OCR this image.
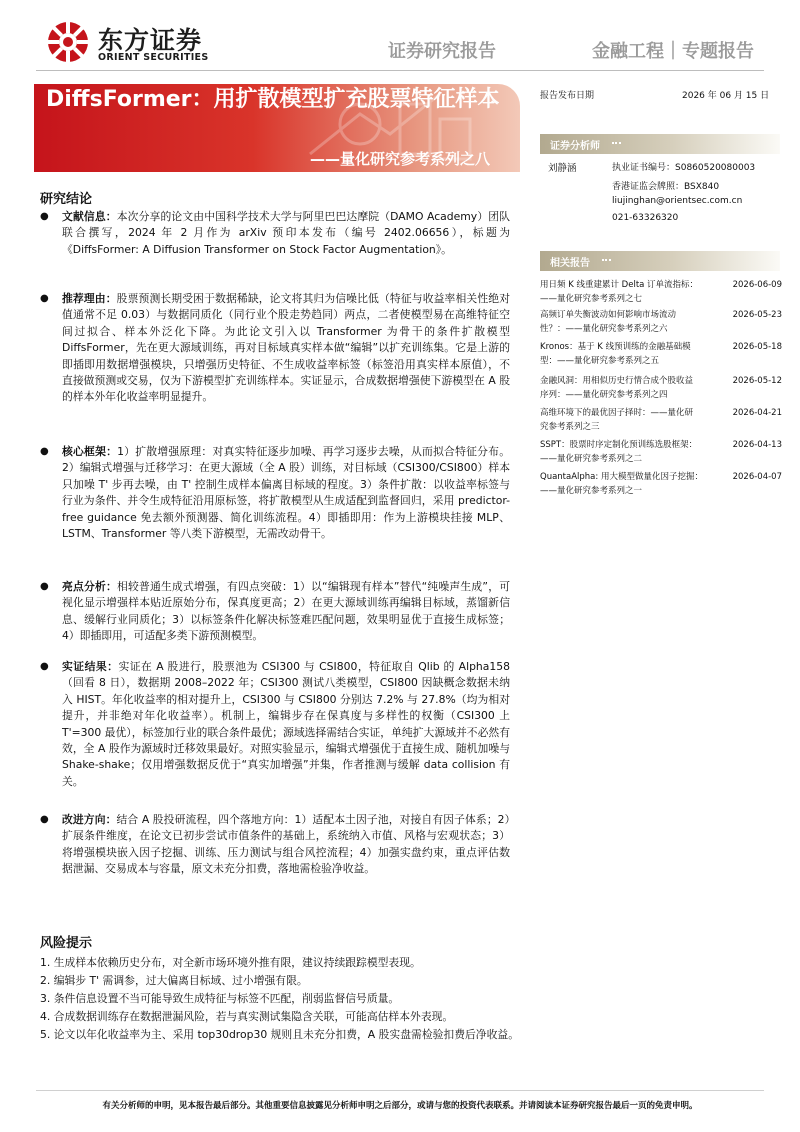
东方证券
ORIENT SECURITIES	证券研究报告	金融工程｜专题报告
DiffsFormer：用扩散模型扩充股票特征样本
——量化研究参考系列之八
报告发布日期	2026 年 06 月 15 日
证券分析师
刘静涵	执业证书编号：S0860520080003
香港证监会牌照：BSX840
liujinghan@orientsec.com.cn
021-63326320
相关报告
用日频 K 线重建累计 Delta 订单流指标：
——量化研究参考系列之七
2026-06-09
高频订单失衡波动如何影响市场流动
性？：——量化研究参考系列之六
2026-05-23
Kronos：基于 K 线预训练的金融基础模
型：——量化研究参考系列之五
2026-05-18
金融风洞：用相似历史行情合成个股收益
序列：——量化研究参考系列之四
2026-05-12
高维环境下的最优因子择时：——量化研
究参考系列之三
2026-04-21
SSPT：股票时序定制化预训练选股框架：
——量化研究参考系列之二
2026-04-13
QuantaAlpha: 用大模型做量化因子挖掘：
——量化研究参考系列之一
2026-04-07
研究结论
● 文献信息：本次分享的论文由中国科学技术大学与阿里巴巴达摩院（DAMO Academy）团队联合撰写，2024 年 2 月作为 arXiv 预印本发布（编号 2402.06656），标题为《DiffsFormer: A Diffusion Transformer on Stock Factor Augmentation》。
● 推荐理由：股票预测长期受困于数据稀缺，论文将其归为信噪比低（特征与收益率相关性绝对值通常不足 0.03）与数据同质化（同行业个股走势趋同）两点，二者使模型易在高维特征空间过拟合、样本外泛化下降。为此论文引入以 Transformer 为骨干的条件扩散模型 DiffsFormer，先在更大源域训练，再对目标域真实样本做“编辑”以扩充训练集。它是上游的即插即用数据增强模块，只增强历史特征、不生成收益率标签（标签沿用真实样本原值），不直接做预测或交易，仅为下游模型扩充训练样本。实证显示，合成数据增强使下游模型在 A 股的样本外年化收益率明显提升。
● 核心框架：1）扩散增强原理：对真实特征逐步加噪、再学习逐步去噪，从而拟合特征分布。2）编辑式增强与迁移学习：在更大源域（全 A 股）训练，对目标域（CSI300/CSI800）样本只加噪 T' 步再去噪，由 T' 控制生成样本偏离目标域的程度。3）条件扩散：以收益率标签与行业为条件、并令生成特征沿用原标签，将扩散模型从生成适配到监督回归，采用 predictor-free guidance 免去额外预测器、简化训练流程。4）即插即用：作为上游模块挂接 MLP、LSTM、Transformer 等八类下游模型，无需改动骨干。
● 亮点分析：相较普通生成式增强，有四点突破：1）以“编辑现有样本”替代“纯噪声生成”，可视化显示增强样本贴近原始分布，保真度更高；2）在更大源域训练再编辑目标域，蒸馏新信息、缓解行业同质化；3）以标签条件化解决标签难匹配问题，效果明显优于直接生成标签；4）即插即用，可适配多类下游预测模型。
● 实证结果：实证在 A 股进行，股票池为 CSI300 与 CSI800，特征取自 Qlib 的 Alpha158（回看 8 日），数据期 2008–2022 年；CSI300 测试八类模型，CSI800 因缺概念数据未纳入 HIST。年化收益率的相对提升上，CSI300 与 CSI800 分别达 7.2% 与 27.8%（均为相对提升，并非绝对年化收益率）。机制上，编辑步存在保真度与多样性的权衡（CSI300 上 T'=300 最优），标签加行业的联合条件最优；源域选择需结合实证，单纯扩大源域并不必然有效，全 A 股作为源域时迁移效果最好。对照实验显示，编辑式增强优于直接生成、随机加噪与 Shake-shake；仅用增强数据反优于“真实加增强”并集，作者推测与缓解 data collision 有关。
● 改进方向：结合 A 股投研流程，四个落地方向：1）适配本土因子池，对接自有因子体系；2）扩展条件维度，在论文已初步尝试市值条件的基础上，系统纳入市值、风格与宏观状态；3）将增强模块嵌入因子挖掘、训练、压力测试与组合风控流程；4）加强实盘约束，重点评估数据泄漏、交易成本与容量，原文未充分扣费，落地需检验净收益。
风险提示
1. 生成样本依赖历史分布，对全新市场环境外推有限，建议持续跟踪模型表现。
2. 编辑步 T' 需调参，过大偏离目标域、过小增强有限。
3. 条件信息设置不当可能导致生成特征与标签不匹配，削弱监督信号质量。
4. 合成数据训练存在数据泄漏风险，若与真实测试集隐含关联，可能高估样本外表现。
5. 论文以年化收益率为主、采用 top30drop30 规则且未充分扣费，A 股实盘需检验扣费后净收益。
有关分析师的申明，见本报告最后部分。其他重要信息披露见分析师申明之后部分，或请与您的投资代表联系。并请阅读本证券研究报告最后一页的免责申明。
